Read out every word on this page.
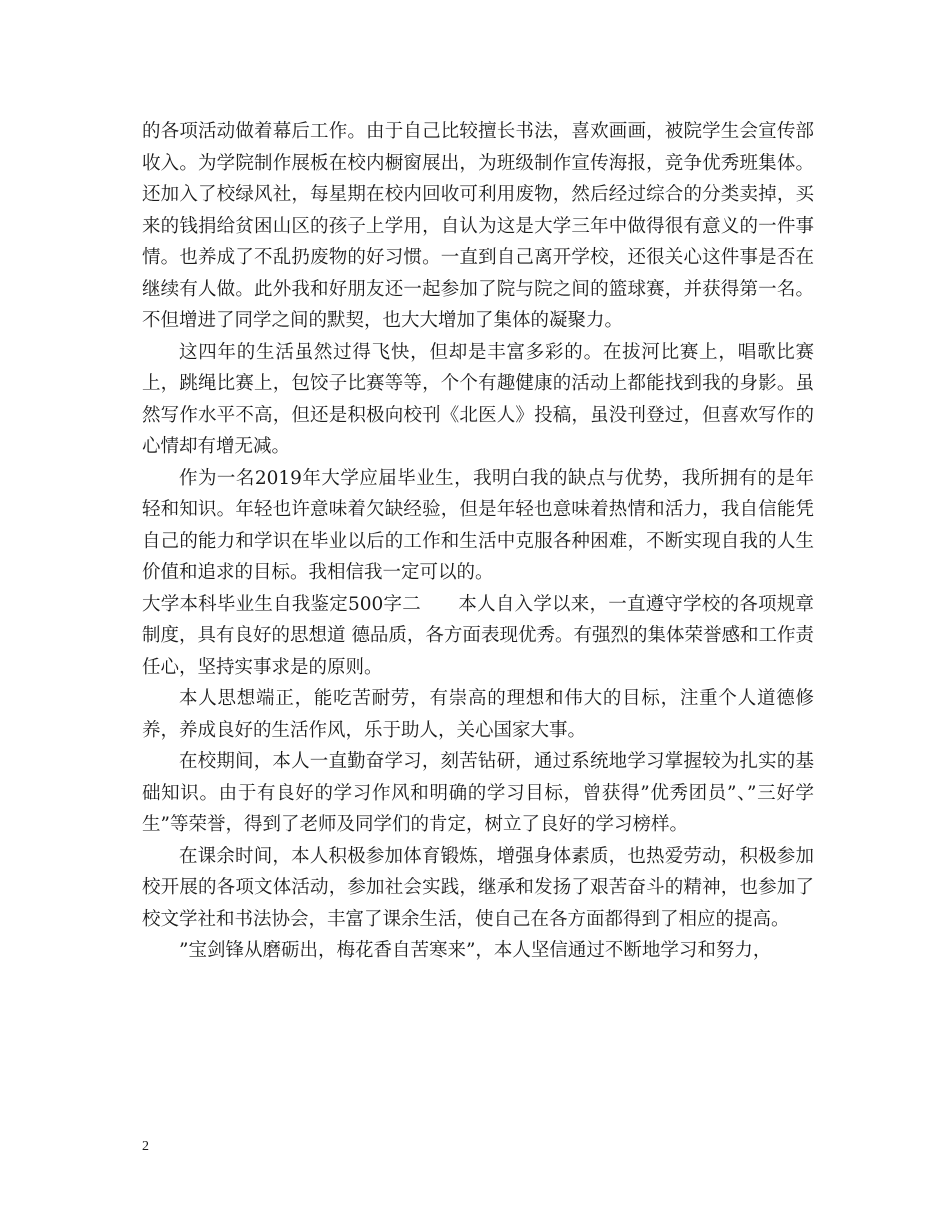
的各项活动做着幕后工作。由于自己比较擅长书法，喜欢画画，被院学生会宣传部收入。为学院制作展板在校内橱窗展出，为班级制作宣传海报，竞争优秀班集体。还加入了校绿风社，每星期在校内回收可利用废物，然后经过综合的分类卖掉，买来的钱捐给贫困山区的孩子上学用，自认为这是大学三年中做得很有意义的一件事情。也养成了不乱扔废物的好习惯。一直到自己离开学校，还很关心这件事是否在继续有人做。此外我和好朋友还一起参加了院与院之间的篮球赛，并获得第一名。不但增进了同学之间的默契，也大大增加了集体的凝聚力。

这四年的生活虽然过得飞快，但却是丰富多彩的。在拔河比赛上，唱歌比赛上，跳绳比赛上，包饺子比赛等等，个个有趣健康的活动上都能找到我的身影。虽然写作水平不高，但还是积极向校刊《北医人》投稿，虽没刊登过，但喜欢写作的心情却有增无减。

作为一名2019年大学应届毕业生，我明白我的缺点与优势，我所拥有的是年轻和知识。年轻也许意味着欠缺经验，但是年轻也意味着热情和活力，我自信能凭自己的能力和学识在毕业以后的工作和生活中克服各种困难，不断实现自我的人生价值和追求的目标。我相信我一定可以的。

大学本科毕业生自我鉴定500字二　　本人自入学以来，一直遵守学校的各项规章制度，具有良好的思想道 德品质，各方面表现优秀。有强烈的集体荣誉感和工作责任心，坚持实事求是的原则。

本人思想端正，能吃苦耐劳，有崇高的理想和伟大的目标，注重个人道德修养，养成良好的生活作风，乐于助人，关心国家大事。

在校期间，本人一直勤奋学习，刻苦钻研，通过系统地学习掌握较为扎实的基础知识。由于有良好的学习作风和明确的学习目标，曾获得”优秀团员”、”三好学生”等荣誉，得到了老师及同学们的肯定，树立了良好的学习榜样。

在课余时间，本人积极参加体育锻炼，增强身体素质，也热爱劳动，积极参加校开展的各项文体活动，参加社会实践，继承和发扬了艰苦奋斗的精神，也参加了校文学社和书法协会，丰富了课余生活，使自己在各方面都得到了相应的提高。

”宝剑锋从磨砺出，梅花香自苦寒来”，本人坚信通过不断地学习和努力，

2
